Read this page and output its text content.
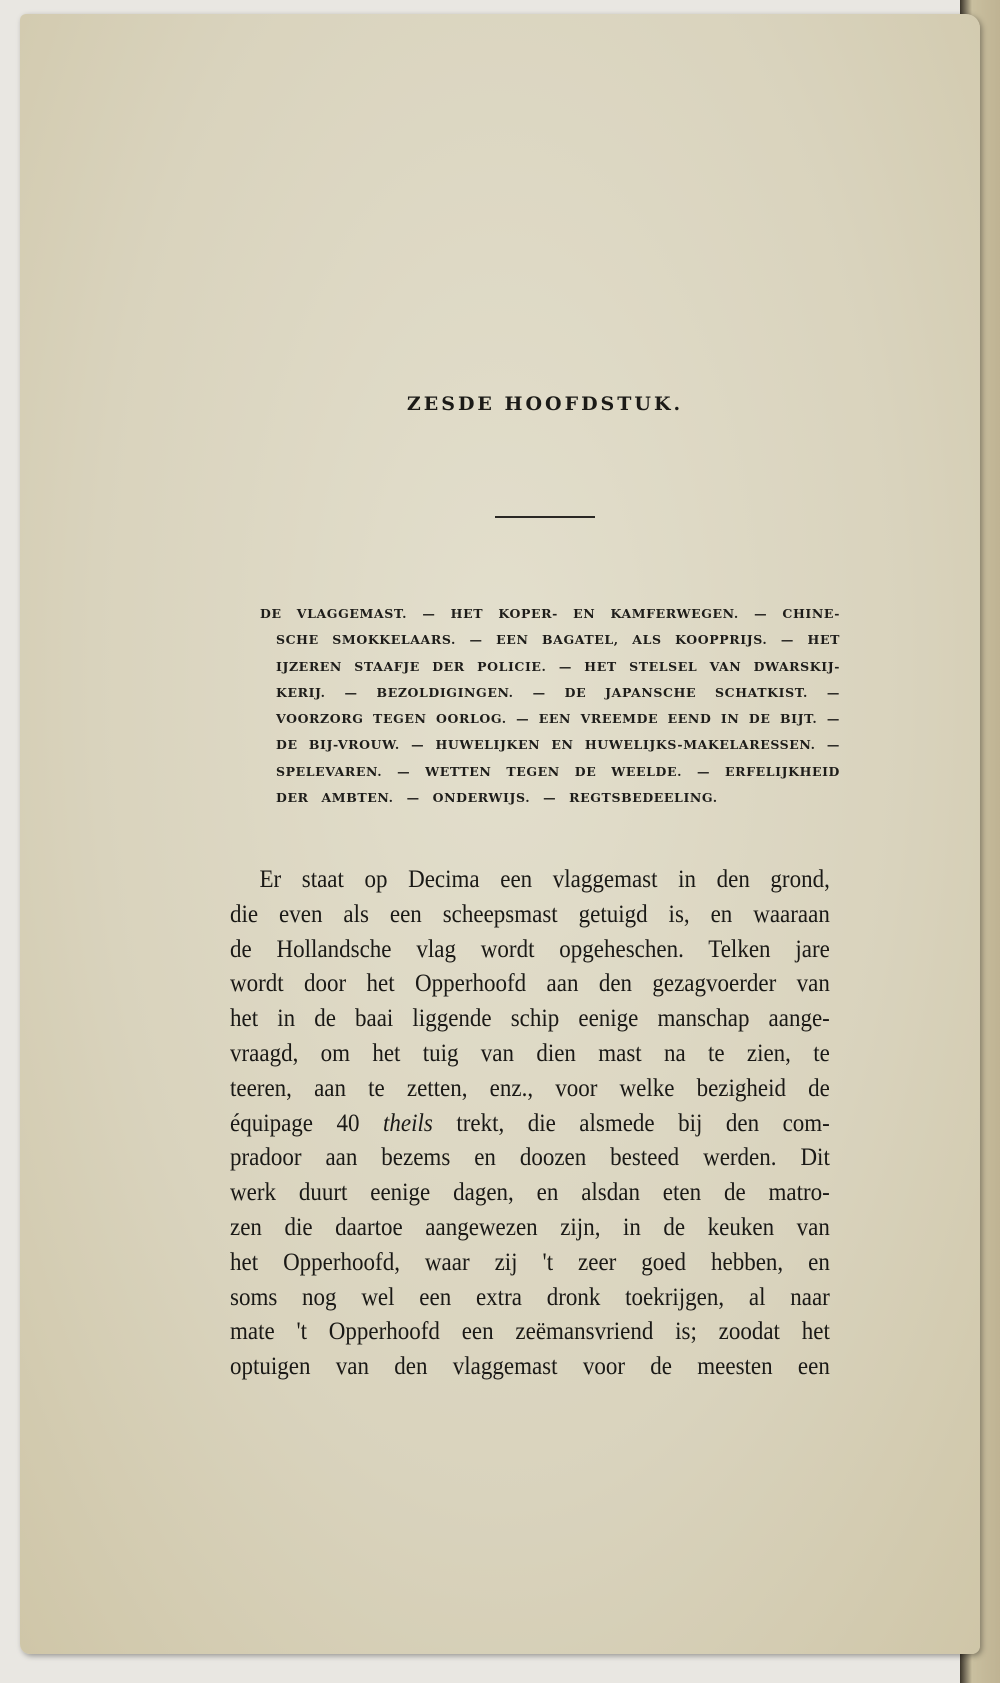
ZESDE HOOFDSTUK.
DE VLAGGEMAST. — HET KOPER- EN KAMFERWEGEN. — CHINE-
SCHE SMOKKELAARS. — EEN BAGATEL, ALS KOOPPRIJS. — HET
IJZEREN STAAFJE DER POLICIE. — HET STELSEL VAN DWARSKIJ-
KERIJ. — BEZOLDIGINGEN. — DE JAPANSCHE SCHATKIST. —
VOORZORG TEGEN OORLOG. — EEN VREEMDE EEND IN DE BIJT. —
DE BIJ-VROUW. — HUWELIJKEN EN HUWELIJKS-MAKELARESSEN. —
SPELEVAREN. — WETTEN TEGEN DE WEELDE. — ERFELIJKHEID
DER AMBTEN. — ONDERWIJS. — REGTSBEDEELING.
Er staat op Decima een vlaggemast in den grond,
die even als een scheepsmast getuigd is, en waaraan
de Hollandsche vlag wordt opgeheschen. Telken jare
wordt door het Opperhoofd aan den gezagvoerder van
het in de baai liggende schip eenige manschap aange-
vraagd, om het tuig van dien mast na te zien, te
teeren, aan te zetten, enz., voor welke bezigheid de
équipage 40 theils trekt, die alsmede bij den com-
pradoor aan bezems en doozen besteed werden. Dit
werk duurt eenige dagen, en alsdan eten de matro-
zen die daartoe aangewezen zijn, in de keuken van
het Opperhoofd, waar zij 't zeer goed hebben, en
soms nog wel een extra dronk toekrijgen, al naar
mate 't Opperhoofd een zeëmansvriend is; zoodat het
optuigen van den vlaggemast voor de meesten een
